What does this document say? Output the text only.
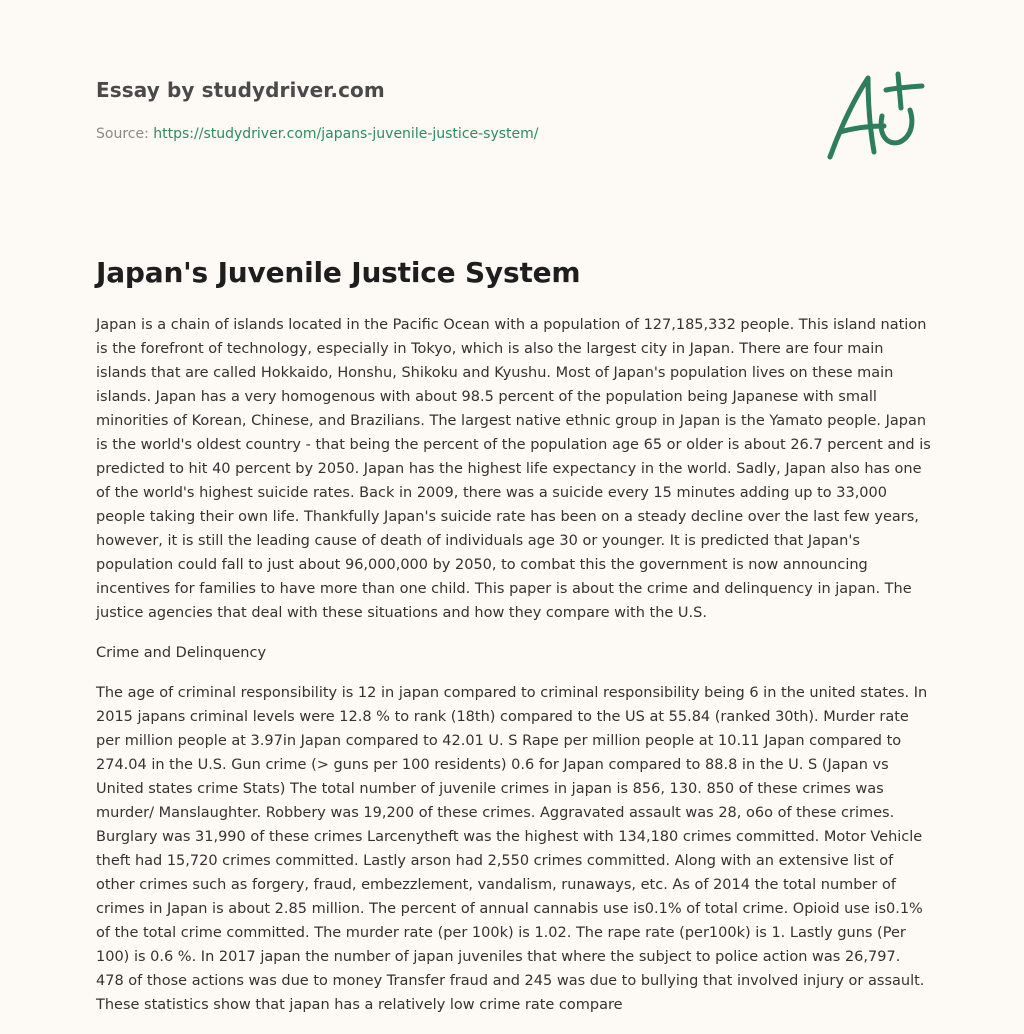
Essay by studydriver.com
Source: https://studydriver.com/japans-juvenile-justice-system/
Japan's Juvenile Justice System

Japan is a chain of islands located in the Pacific Ocean with a population of 127,185,332 people. This island nation is the forefront of technology, especially in Tokyo, which is also the largest city in Japan. There are four main islands that are called Hokkaido, Honshu, Shikoku and Kyushu. Most of Japan's population lives on these main islands. Japan has a very homogenous with about 98.5 percent of the population being Japanese with small minorities of Korean, Chinese, and Brazilians. The largest native ethnic group in Japan is the Yamato people. Japan is the world's oldest country - that being the percent of the population age 65 or older is about 26.7 percent and is predicted to hit 40 percent by 2050. Japan has the highest life expectancy in the world. Sadly, Japan also has one of the world's highest suicide rates. Back in 2009, there was a suicide every 15 minutes adding up to 33,000 people taking their own life. Thankfully Japan's suicide rate has been on a steady decline over the last few years, however, it is still the leading cause of death of individuals age 30 or younger. It is predicted that Japan's population could fall to just about 96,000,000 by 2050, to combat this the government is now announcing incentives for families to have more than one child. This paper is about the crime and delinquency in japan. The justice agencies that deal with these situations and how they compare with the U.S.

Crime and Delinquency

The age of criminal responsibility is 12 in japan compared to criminal responsibility being 6 in the united states. In 2015 japans criminal levels were 12.8 % to rank (18th) compared to the US at 55.84 (ranked 30th). Murder rate per million people at 3.97in Japan compared to 42.01 U. S Rape per million people at 10.11 Japan compared to 274.04 in the U.S. Gun crime (> guns per 100 residents) 0.6 for Japan compared to 88.8 in the U. S (Japan vs United states crime Stats) The total number of juvenile crimes in japan is 856, 130. 850 of these crimes was murder/ Manslaughter. Robbery was 19,200 of these crimes. Aggravated assault was 28, o6o of these crimes. Burglary was 31,990 of these crimes Larcenytheft was the highest with 134,180 crimes committed. Motor Vehicle theft had 15,720 crimes committed. Lastly arson had 2,550 crimes committed. Along with an extensive list of other crimes such as forgery, fraud, embezzlement, vandalism, runaways, etc. As of 2014 the total number of crimes in Japan is about 2.85 million. The percent of annual cannabis use is0.1% of total crime. Opioid use is0.1% of the total crime committed. The murder rate (per 100k) is 1.02. The rape rate (per100k) is 1. Lastly guns (Per 100) is 0.6 %. In 2017 japan the number of japan juveniles that where the subject to police action was 26,797. 478 of those actions was due to money Transfer fraud and 245 was due to bullying that involved injury or assault. These statistics show that japan has a relatively low crime rate compare
